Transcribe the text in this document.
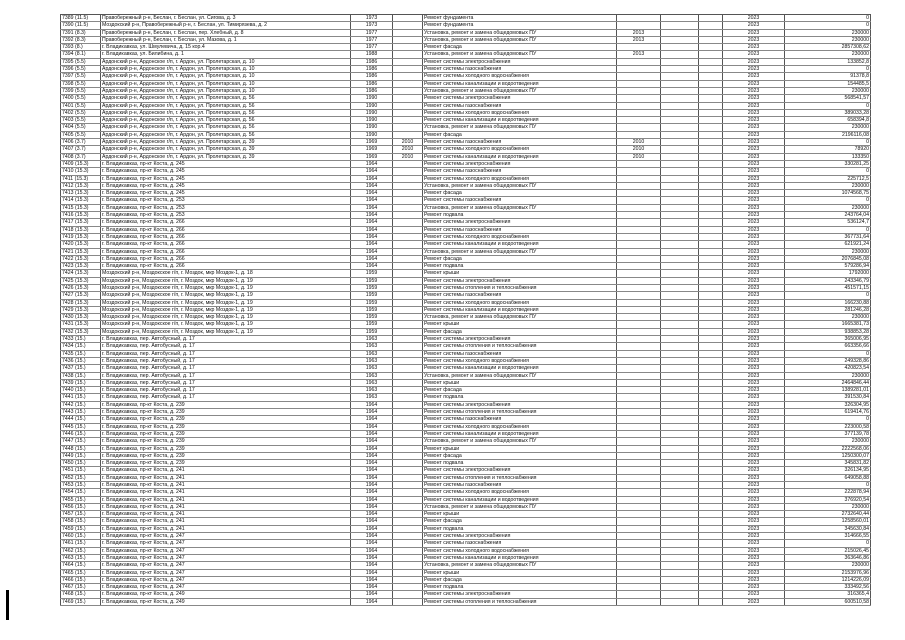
7389 (11.5)	Правобережный р-н, Беслан, г. Беслан, ул. Сигова, д. 3	1973		Ремонт фундамента				2023	0
7390 (11.5)	Моздокский р-н, Правобережный р-н, г. Беслан, ул. Тимирязева, д. 2	1973		Ремонт фундамента				2023	0
7391 (8.3)	Правобережный р-н, Беслан, г. Беслан, пер. Хлебный, д. 8	1977		Установка, ремонт и замена общедомовых ПУ	2013			2023	230000
7392 (8.3)	Правобережный р-н, Беслан, г. Беслан, ул. Мазова, д. 1	1977		Установка, ремонт и замена общедомовых ПУ	2013			2023	230000
7393 (8.)	г. Владикавказ, ул. Шмулевича, д. 15 кор.4	1977		Ремонт фасада				2023	2857308,62
7394 (8.1)	г. Владикавказ, ул. Билибина, д. 1	1988		Установка, ремонт и замена общедомовых ПУ	2013			2023	230000
7395 (5.5)	Ардонский р-н, Ардонское г/п, г. Ардон, ул. Пролетарская, д. 10	1986		Ремонт системы электроснабжения				2023	133852,8
7396 (5.5)	Ардонский р-н, Ардонское г/п, г. Ардон, ул. Пролетарская, д. 10	1986		Ремонт системы газоснабжения				2023	0
7397 (5.5)	Ардонский р-н, Ардонское г/п, г. Ардон, ул. Пролетарская, д. 10	1986		Ремонт системы холодного водоснабжения				2023	91378,8
7398 (5.5)	Ардонский р-н, Ардонское г/п, г. Ардон, ул. Пролетарская, д. 10	1986		Ремонт системы канализации и водоотведения				2023	154485,5
7399 (5.5)	Ардонский р-н, Ардонское г/п, г. Ардон, ул. Пролетарская, д. 10	1986		Установка, ремонт и замена общедомовых ПУ				2023	230000
7400 (5.5)	Ардонский р-н, Ардонское г/п, г. Ардон, ул. Пролетарская, д. 56	1990		Ремонт системы электроснабжения				2023	568541,57
7401 (5.5)	Ардонский р-н, Ардонское г/п, г. Ардон, ул. Пролетарская, д. 56	1990		Ремонт системы газоснабжения				2023	0
7402 (5.5)	Ардонский р-н, Ардонское г/п, г. Ардон, ул. Пролетарская, д. 56	1990		Ремонт системы холодного водоснабжения				2023	389033,28
7403 (5.5)	Ардонский р-н, Ардонское г/п, г. Ардон, ул. Пролетарская, д. 56	1990		Ремонт системы канализации и водоотведения				2023	658394,8
7404 (5.5)	Ардонский р-н, Ардонское г/п, г. Ардон, ул. Пролетарская, д. 56	1990		Установка, ремонт и замена общедомовых ПУ				2023	230000
7405 (5.5)	Ардонский р-н, Ардонское г/п, г. Ардон, ул. Пролетарская, д. 56	1990		Ремонт фасада				2023	2196116,08
7406 (3.7)	Ардонский р-н, Ардонское г/п, г. Ардон, ул. Пролетарская, д. 39	1969	2010	Ремонт системы газоснабжения	2010			2023	0
7407 (3.7)	Ардонский р-н, Ардонское г/п, г. Ардон, ул. Пролетарская, д. 39	1969	2010	Ремонт системы холодного водоснабжения	2010			2023	78920
7408 (3.7)	Ардонский р-н, Ардонское г/п, г. Ардон, ул. Пролетарская, д. 39	1969	2010	Ремонт системы канализации и водоотведения	2010			2023	133350
7409 (15.3)	г. Владикавказ, пр-кт Коста, д. 245	1964		Ремонт системы электроснабжения				2023	330281,25
7410 (15.3)	г. Владикавказ, пр-кт Коста, д. 245	1964		Ремонт системы газоснабжения				2023	0
7411 (15.3)	г. Владикавказ, пр-кт Коста, д. 245	1964		Ремонт системы холодного водоснабжения				2023	225712,5
7412 (15.3)	г. Владикавказ, пр-кт Коста, д. 245	1964		Установка, ремонт и замена общедомовых ПУ				2023	230000
7413 (15.3)	г. Владикавказ, пр-кт Коста, д. 245	1964		Ремонт фасада				2023	1074568,75
7414 (15.3)	г. Владикавказ, пр-кт Коста, д. 253	1964		Ремонт системы газоснабжения				2023	0
7415 (15.3)	г. Владикавказ, пр-кт Коста, д. 253	1964		Установка, ремонт и замена общедомовых ПУ				2023	230000
7416 (15.3)	г. Владикавказ, пр-кт Коста, д. 253	1964		Ремонт подвала				2023	243764,04
7417 (15.3)	г. Владикавказ, пр-кт Коста, д. 266	1964		Ремонт системы электроснабжения				2023	536124,7
7418 (15.3)	г. Владикавказ, пр-кт Коста, д. 266	1964		Ремонт системы газоснабжения				2023	0
7419 (15.3)	г. Владикавказ, пр-кт Коста, д. 266	1964		Ремонт системы холодного водоснабжения				2023	367731,64
7420 (15.3)	г. Владикавказ, пр-кт Коста, д. 266	1964		Ремонт системы канализации и водоотведения				2023	621921,24
7421 (15.3)	г. Владикавказ, пр-кт Коста, д. 266	1964		Установка, ремонт и замена общедомовых ПУ				2023	230000
7422 (15.3)	г. Владикавказ, пр-кт Коста, д. 266	1964		Ремонт фасада				2023	2076845,08
7423 (15.3)	г. Владикавказ, пр-кт Коста, д. 266	1964		Ремонт подвала				2023	579286,94
7424 (15.3)	Моздокский р-н, Моздокское г/п, г. Моздок, мкр Моздок-1, д. 18	1959		Ремонт крыши				2023	1792000
7425 (15.3)	Моздокский р-н, Моздокское г/п, г. Моздок, мкр Моздок-1, д. 19	1959		Ремонт системы электроснабжения				2023	243346,79
7426 (15.3)	Моздокский р-н, Моздокское г/п, г. Моздок, мкр Моздок-1, д. 19	1959		Ремонт системы отопления и теплоснабжения				2023	451571,15
7427 (15.3)	Моздокский р-н, Моздокское г/п, г. Моздок, мкр Моздок-1, д. 19	1959		Ремонт системы газоснабжения				2023	0
7428 (15.3)	Моздокский р-н, Моздокское г/п, г. Моздок, мкр Моздок-1, д. 19	1959		Ремонт системы холодного водоснабжения				2023	166230,88
7429 (15.3)	Моздокский р-н, Моздокское г/п, г. Моздок, мкр Моздок-1, д. 19	1959		Ремонт системы канализации и водоотведения				2023	281246,28
7430 (15.3)	Моздокский р-н, Моздокское г/п, г. Моздок, мкр Моздок-1, д. 19	1959		Установка, ремонт и замена общедомовых ПУ				2023	230000
7431 (15.3)	Моздокский р-н, Моздокское г/п, г. Моздок, мкр Моздок-1, д. 19	1959		Ремонт крыши				2023	1665381,73
7432 (15.3)	Моздокский р-н, Моздокское г/п, г. Моздок, мкр Моздок-1, д. 19	1959		Ремонт фасада				2023	938853,28
7433 (15.)	г. Владикавказ, пер. Автобусный, д. 17	1963		Ремонт системы электроснабжения				2023	365006,95
7434 (15.)	г. Владикавказ, пер. Автобусный, д. 17	1963		Ремонт системы отопления и теплоснабжения				2023	663356,66
7435 (15.)	г. Владикавказ, пер. Автобусный, д. 17	1963		Ремонт системы газоснабжения				2023	0
7436 (15.)	г. Владикавказ, пер. Автобусный, д. 17	1963		Ремонт системы холодного водоснабжения				2023	249328,86
7437 (15.)	г. Владикавказ, пер. Автобусный, д. 17	1963		Ремонт системы канализации и водоотведения				2023	420823,54
7438 (15.)	г. Владикавказ, пер. Автобусный, д. 17	1963		Установка, ремонт и замена общедомовых ПУ				2023	230000
7439 (15.)	г. Владикавказ, пер. Автобусный, д. 17	1963		Ремонт крыши				2023	2464846,44
7440 (15.)	г. Владикавказ, пер. Автобусный, д. 17	1963		Ремонт фасада				2023	1389281,01
7441 (15.)	г. Владикавказ, пер. Автобусный, д. 17	1963		Ремонт подвала				2023	391530,84
7442 (15.)	г. Владикавказ, пр-кт Коста, д. 239	1964		Ремонт системы электроснабжения				2023	326304,95
7443 (15.)	г. Владикавказ, пр-кт Коста, д. 239	1964		Ремонт системы отопления и теплоснабжения				2023	619414,76
7444 (15.)	г. Владикавказ, пр-кт Коста, д. 239	1964		Ремонт системы газоснабжения				2023	0
7445 (15.)	г. Владикавказ, пр-кт Коста, д. 239	1964		Ремонт системы холодного водоснабжения				2023	223000,58
7446 (15.)	г. Владикавказ, пр-кт Коста, д. 239	1964		Ремонт системы канализации и водоотведения				2023	377139,78
7447 (15.)	г. Владикавказ, пр-кт Коста, д. 239	1964		Установка, ремонт и замена общедомовых ПУ				2023	230000
7448 (15.)	г. Владикавказ, пр-кт Коста, д. 239	1964		Ремонт крыши				2023	2222568,06
7449 (15.)	г. Владикавказ, пр-кт Коста, д. 239	1964		Ремонт фасада				2023	1250300,07
7450 (15.)	г. Владикавказ, пр-кт Коста, д. 239	1964		Ремонт подвала				2023	345831,82
7451 (15.)	г. Владикавказ, пр-кт Коста, д. 241	1964		Ремонт системы электроснабжения				2023	326134,95
7452 (15.)	г. Владикавказ, пр-кт Коста, д. 241	1964		Ремонт системы отопления и теплоснабжения				2023	649058,88
7453 (15.)	г. Владикавказ, пр-кт Коста, д. 241	1964		Ремонт системы газоснабжения				2023	0
7454 (15.)	г. Владикавказ, пр-кт Коста, д. 241	1964		Ремонт системы холодного водоснабжения				2023	222878,94
7455 (15.)	г. Владикавказ, пр-кт Коста, д. 241	1964		Ремонт системы канализации и водоотведения				2023	376920,54
7456 (15.)	г. Владикавказ, пр-кт Коста, д. 241	1964		Установка, ремонт и замена общедомовых ПУ				2023	230000
7457 (15.)	г. Владикавказ, пр-кт Коста, д. 241	1964		Ремонт крыши				2023	2732640,44
7458 (15.)	г. Владикавказ, пр-кт Коста, д. 241	1964		Ремонт фасада				2023	1258560,01
7459 (15.)	г. Владикавказ, пр-кт Коста, д. 241	1964		Ремонт подвала				2023	345630,84
7460 (15.)	г. Владикавказ, пр-кт Коста, д. 247	1964		Ремонт системы электроснабжения				2023	314666,55
7461 (15.)	г. Владикавказ, пр-кт Коста, д. 247	1964		Ремонт системы газоснабжения				2023	0
7462 (15.)	г. Владикавказ, пр-кт Коста, д. 247	1964		Ремонт системы холодного водоснабжения				2023	215026,45
7463 (15.)	г. Владикавказ, пр-кт Коста, д. 247	1964		Ремонт системы канализации и водоотведения				2023	363646,86
7464 (15.)	г. Владикавказ, пр-кт Коста, д. 247	1964		Установка, ремонт и замена общедомовых ПУ				2023	230000
7465 (15.)	г. Владикавказ, пр-кт Коста, д. 247	1964		Ремонт крыши				2023	2153976,96
7466 (15.)	г. Владикавказ, пр-кт Коста, д. 247	1964		Ремонт фасада				2023	1214226,09
7467 (15.)	г. Владикавказ, пр-кт Коста, д. 247	1964		Ремонт подвала				2023	333492,56
7468 (15.)	г. Владикавказ, пр-кт Коста, д. 249	1964		Ремонт системы электроснабжения				2023	316365,4
7469 (15.)	г. Владикавказ, пр-кт Коста, д. 249	1964		Ремонт системы отопления и теплоснабжения				2023	600510,58
